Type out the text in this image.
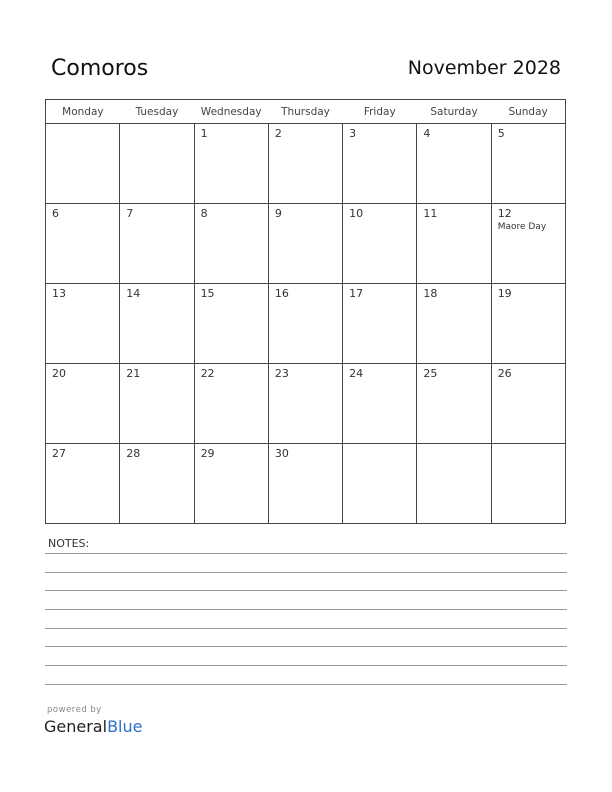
Comoros	November 2028
Monday	Tuesday	Wednesday	Thursday	Friday	Saturday	Sunday

		1	2	3	4	5

6	7	8	9	10	11	12
Maore Day

13	14	15	16	17	18	19

20	21	22	23	24	25	26

27	28	29	30			

NOTES:
powered by
GeneralBlue
